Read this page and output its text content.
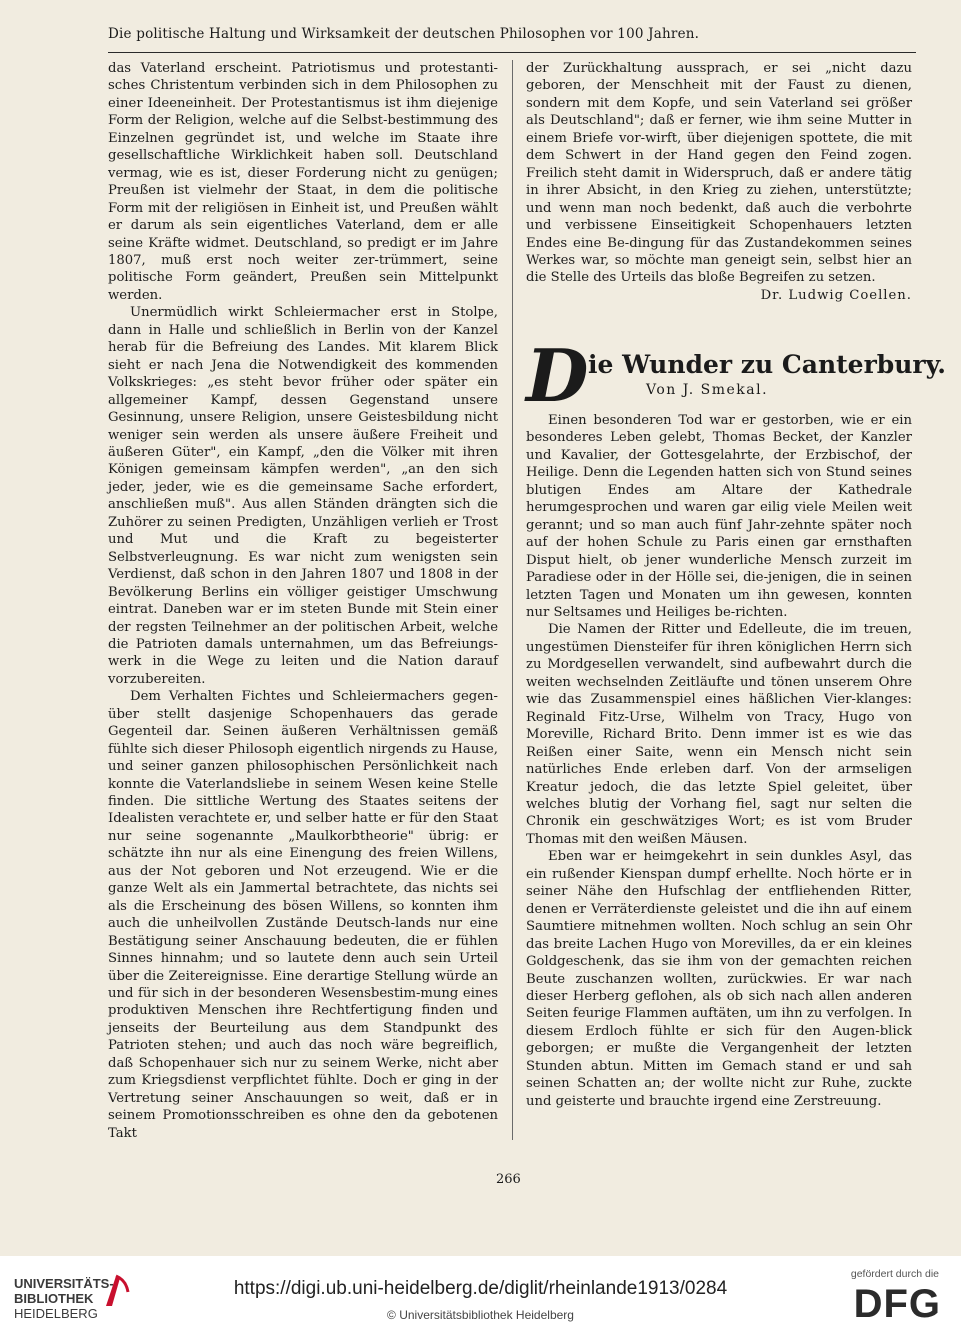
Die politische Haltung und Wirksamkeit der deutschen Philosophen vor 100 Jahren.

das Vaterland erscheint. Patriotismus und protestanti-sches Christentum verbinden sich in dem Philosophen zu einer Ideeneinheit. Der Protestantismus ist ihm diejenige Form der Religion, welche auf die Selbst-bestimmung des Einzelnen gegründet ist, und welche im Staate ihre gesellschaftliche Wirklichkeit haben soll. Deutschland vermag, wie es ist, dieser Forderung nicht zu genügen; Preußen ist vielmehr der Staat, in dem die politische Form mit der religiösen in Einheit ist, und Preußen wählt er darum als sein eigentliches Vaterland, dem er alle seine Kräfte widmet. Deutschland, so predigt er im Jahre 1807, muß erst noch weiter zer-trümmert, seine politische Form geändert, Preußen sein Mittelpunkt werden.

Unermüdlich wirkt Schleiermacher erst in Stolpe, dann in Halle und schließlich in Berlin von der Kanzel herab für die Befreiung des Landes. Mit klarem Blick sieht er nach Jena die Notwendigkeit des kommenden Volkskrieges: „es steht bevor früher oder später ein allgemeiner Kampf, dessen Gegenstand unsere Gesinnung, unsere Religion, unsere Geistesbildung nicht weniger sein werden als unsere äußere Freiheit und äußeren Güter", ein Kampf, „den die Völker mit ihren Königen gemeinsam kämpfen werden", „an den sich jeder, jeder, wie es die gemeinsame Sache erfordert, anschließen muß". Aus allen Ständen drängten sich die Zuhörer zu seinen Predigten, Unzähligen verlieh er Trost und Mut und die Kraft zu begeisterter Selbstverleugnung. Es war nicht zum wenigsten sein Verdienst, daß schon in den Jahren 1807 und 1808 in der Bevölkerung Berlins ein völliger geistiger Umschwung eintrat. Daneben war er im steten Bunde mit Stein einer der regsten Teilnehmer an der politischen Arbeit, welche die Patrioten damals unternahmen, um das Befreiungs-werk in die Wege zu leiten und die Nation darauf vorzubereiten.

Dem Verhalten Fichtes und Schleiermachers gegen-über stellt dasjenige Schopenhauers das gerade Gegenteil dar. Seinen äußeren Verhältnissen gemäß fühlte sich dieser Philosoph eigentlich nirgends zu Hause, und seiner ganzen philosophischen Persönlichkeit nach konnte die Vaterlandsliebe in seinem Wesen keine Stelle finden. Die sittliche Wertung des Staates seitens der Idealisten verachtete er, und selber hatte er für den Staat nur seine sogenannte „Maulkorbtheorie" übrig: er schätzte ihn nur als eine Einengung des freien Willens, aus der Not geboren und Not erzeugend. Wie er die ganze Welt als ein Jammertal betrachtete, das nichts sei als die Erscheinung des bösen Willens, so konnten ihm auch die unheilvollen Zustände Deutsch-lands nur eine Bestätigung seiner Anschauung bedeuten, die er fühlen Sinnes hinnahm; und so lautete denn auch sein Urteil über die Zeitereignisse. Eine derartige Stellung würde an und für sich in der besonderen Wesensbestim-mung eines produktiven Menschen ihre Rechtfertigung finden und jenseits der Beurteilung aus dem Standpunkt des Patrioten stehen; und auch das noch wäre begreiflich, daß Schopenhauer sich nur zu seinem Werke, nicht aber zum Kriegsdienst verpflichtet fühlte. Doch er ging in der Vertretung seiner Anschauungen so weit, daß er in seinem Promotionsschreiben es ohne den da gebotenen Takt

der Zurückhaltung aussprach, er sei „nicht dazu geboren, der Menschheit mit der Faust zu dienen, sondern mit dem Kopfe, und sein Vaterland sei größer als Deutschland"; daß er ferner, wie ihm seine Mutter in einem Briefe vor-wirft, über diejenigen spottete, die mit dem Schwert in der Hand gegen den Feind zogen. Freilich steht damit in Widerspruch, daß er andere tätig in ihrer Absicht, in den Krieg zu ziehen, unterstützte; und wenn man noch bedenkt, daß auch die verbohrte und verbissene Einseitigkeit Schopenhauers letzten Endes eine Be-dingung für das Zustandekommen seines Werkes war, so möchte man geneigt sein, selbst hier an die Stelle des Urteils das bloße Begreifen zu setzen.

Dr. Ludwig Coellen.

D ie Wunder zu Canterbury.
Von J. Smekal.

Einen besonderen Tod war er gestorben, wie er ein besonderes Leben gelebt, Thomas Becket, der Kanzler und Kavalier, der Gottesgelahrte, der Erzbischof, der Heilige. Denn die Legenden hatten sich von Stund seines blutigen Endes am Altare der Kathedrale herumgesprochen und waren gar eilig viele Meilen weit gerannt; und so man auch fünf Jahr-zehnte später noch auf der hohen Schule zu Paris einen gar ernsthaften Disput hielt, ob jener wunderliche Mensch zurzeit im Paradiese oder in der Hölle sei, die-jenigen, die in seinen letzten Tagen und Monaten um ihn gewesen, konnten nur Seltsames und Heiliges be-richten.

Die Namen der Ritter und Edelleute, die im treuen, ungestümen Diensteifer für ihren königlichen Herrn sich zu Mordgesellen verwandelt, sind aufbewahrt durch die weiten wechselnden Zeitläufte und tönen unserem Ohre wie das Zusammenspiel eines häßlichen Vier-klanges: Reginald Fitz-Urse, Wilhelm von Tracy, Hugo von Moreville, Richard Brito. Denn immer ist es wie das Reißen einer Saite, wenn ein Mensch nicht sein natürliches Ende erleben darf. Von der armseligen Kreatur jedoch, die das letzte Spiel geleitet, über welches blutig der Vorhang fiel, sagt nur selten die Chronik ein geschwätziges Wort; es ist vom Bruder Thomas mit den weißen Mäusen.

Eben war er heimgekehrt in sein dunkles Asyl, das ein rußender Kienspan dumpf erhellte. Noch hörte er in seiner Nähe den Hufschlag der entfliehenden Ritter, denen er Verräterdienste geleistet und die ihn auf einem Saumtiere mitnehmen wollten. Noch schlug an sein Ohr das breite Lachen Hugo von Morevilles, da er ein kleines Goldgeschenk, das sie ihm von der gemachten reichen Beute zuschanzen wollten, zurückwies. Er war nach dieser Herberg geflohen, als ob sich nach allen anderen Seiten feurige Flammen auftäten, um ihn zu verfolgen. In diesem Erdloch fühlte er sich für den Augen-blick geborgen; er mußte die Vergangenheit der letzten Stunden abtun. Mitten im Gemach stand er und sah seinen Schatten an; der wollte nicht zur Ruhe, zuckte und geisterte und brauchte irgend eine Zerstreuung.

266
UNIVERSITÄTS-
BIBLIOTHEK
HEIDELBERG
https://digi.ub.uni-heidelberg.de/diglit/rheinlande1913/0284
© Universitätsbibliothek Heidelberg
gefördert durch die
DFG
